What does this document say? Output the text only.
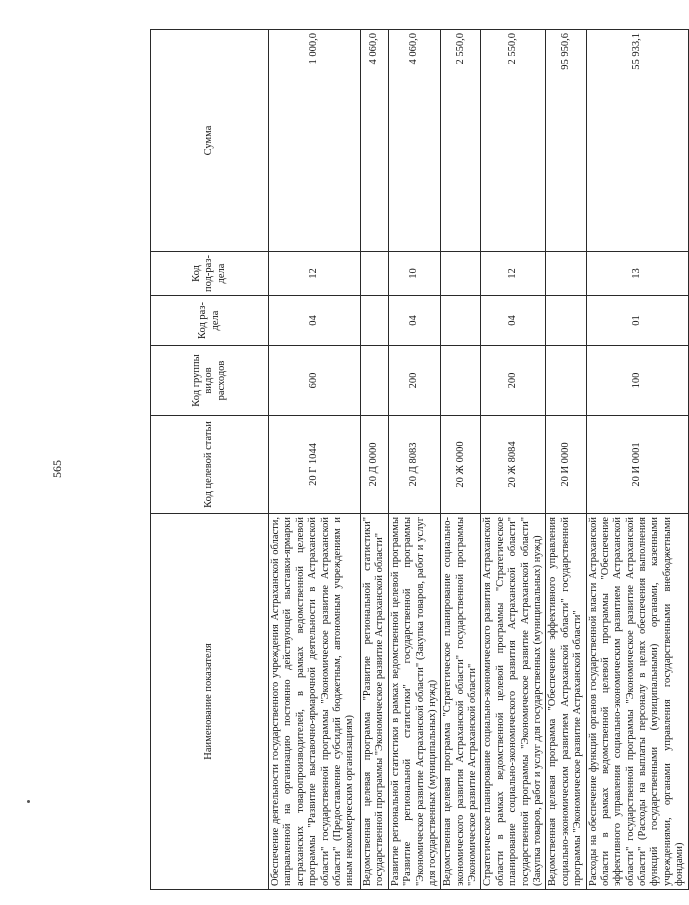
565
Наименование показателя	Код целевой статьи	Код группы видов расходов	Код раз-дела	Код под-раз-дела	Сумма
Обеспечение деятельности государственного учреждения Астраханской области, направленной на организацию постоянно действующей выставки-ярмарки астраханских товаропроизводителей, в рамках ведомственной целевой программы "Развитие выставочно-ярмарочной деятельности в Астраханской области" государственной программы "Экономическое развитие Астраханской области" (Предоставление субсидий бюджетным, автономным учреждениям и иным некоммерческим организациям)	20 Г 1044	600	04	12	1 000,0
Ведомственная целевая программа "Развитие региональной статистики" государственной программы "Экономическое развитие Астраханской области"	20 Д 0000				4 060,0
Развитие региональной статистики в рамках ведомственной целевой программы "Развитие региональной статистики" государственной программы "Экономическое развитие Астраханской области" (Закупка товаров, работ и услуг для государственных (муниципальных) нужд)	20 Д 8083	200	04	10	4 060,0
Ведомственная целевая программа "Стратегическое планирование социально-экономического развития Астраханской области" государственной программы "Экономическое развитие Астраханской области"	20 Ж 0000				2 550,0
Стратегическое планирование социально-экономического развития Астраханской области в рамках ведомственной целевой программы "Стратегическое планирование социально-экономического развития Астраханской области" государственной программы "Экономическое развитие Астраханской области" (Закупка товаров, работ и услуг для государственных (муниципальных) нужд)	20 Ж 8084	200	04	12	2 550,0
Ведомственная целевая программа "Обеспечение эффективного управления социально-экономическим развитием Астраханской области" государственной программы "Экономическое развитие Астраханской области"	20 И 0000				95 950,6
Расходы на обеспечение функций органов государственной власти Астраханской области в рамках ведомственной целевой программы "Обеспечение эффективного управления социально-экономическим развитием Астраханской области" государственной программы "Экономическое развитие Астраханской области" (Расходы на выплаты персоналу в целях обеспечения выполнения функций государственными (муниципальными) органами, казенными учреждениями, органами управления государственными внебюджетными фондами)	20 И 0001	100	01	13	55 933,1
